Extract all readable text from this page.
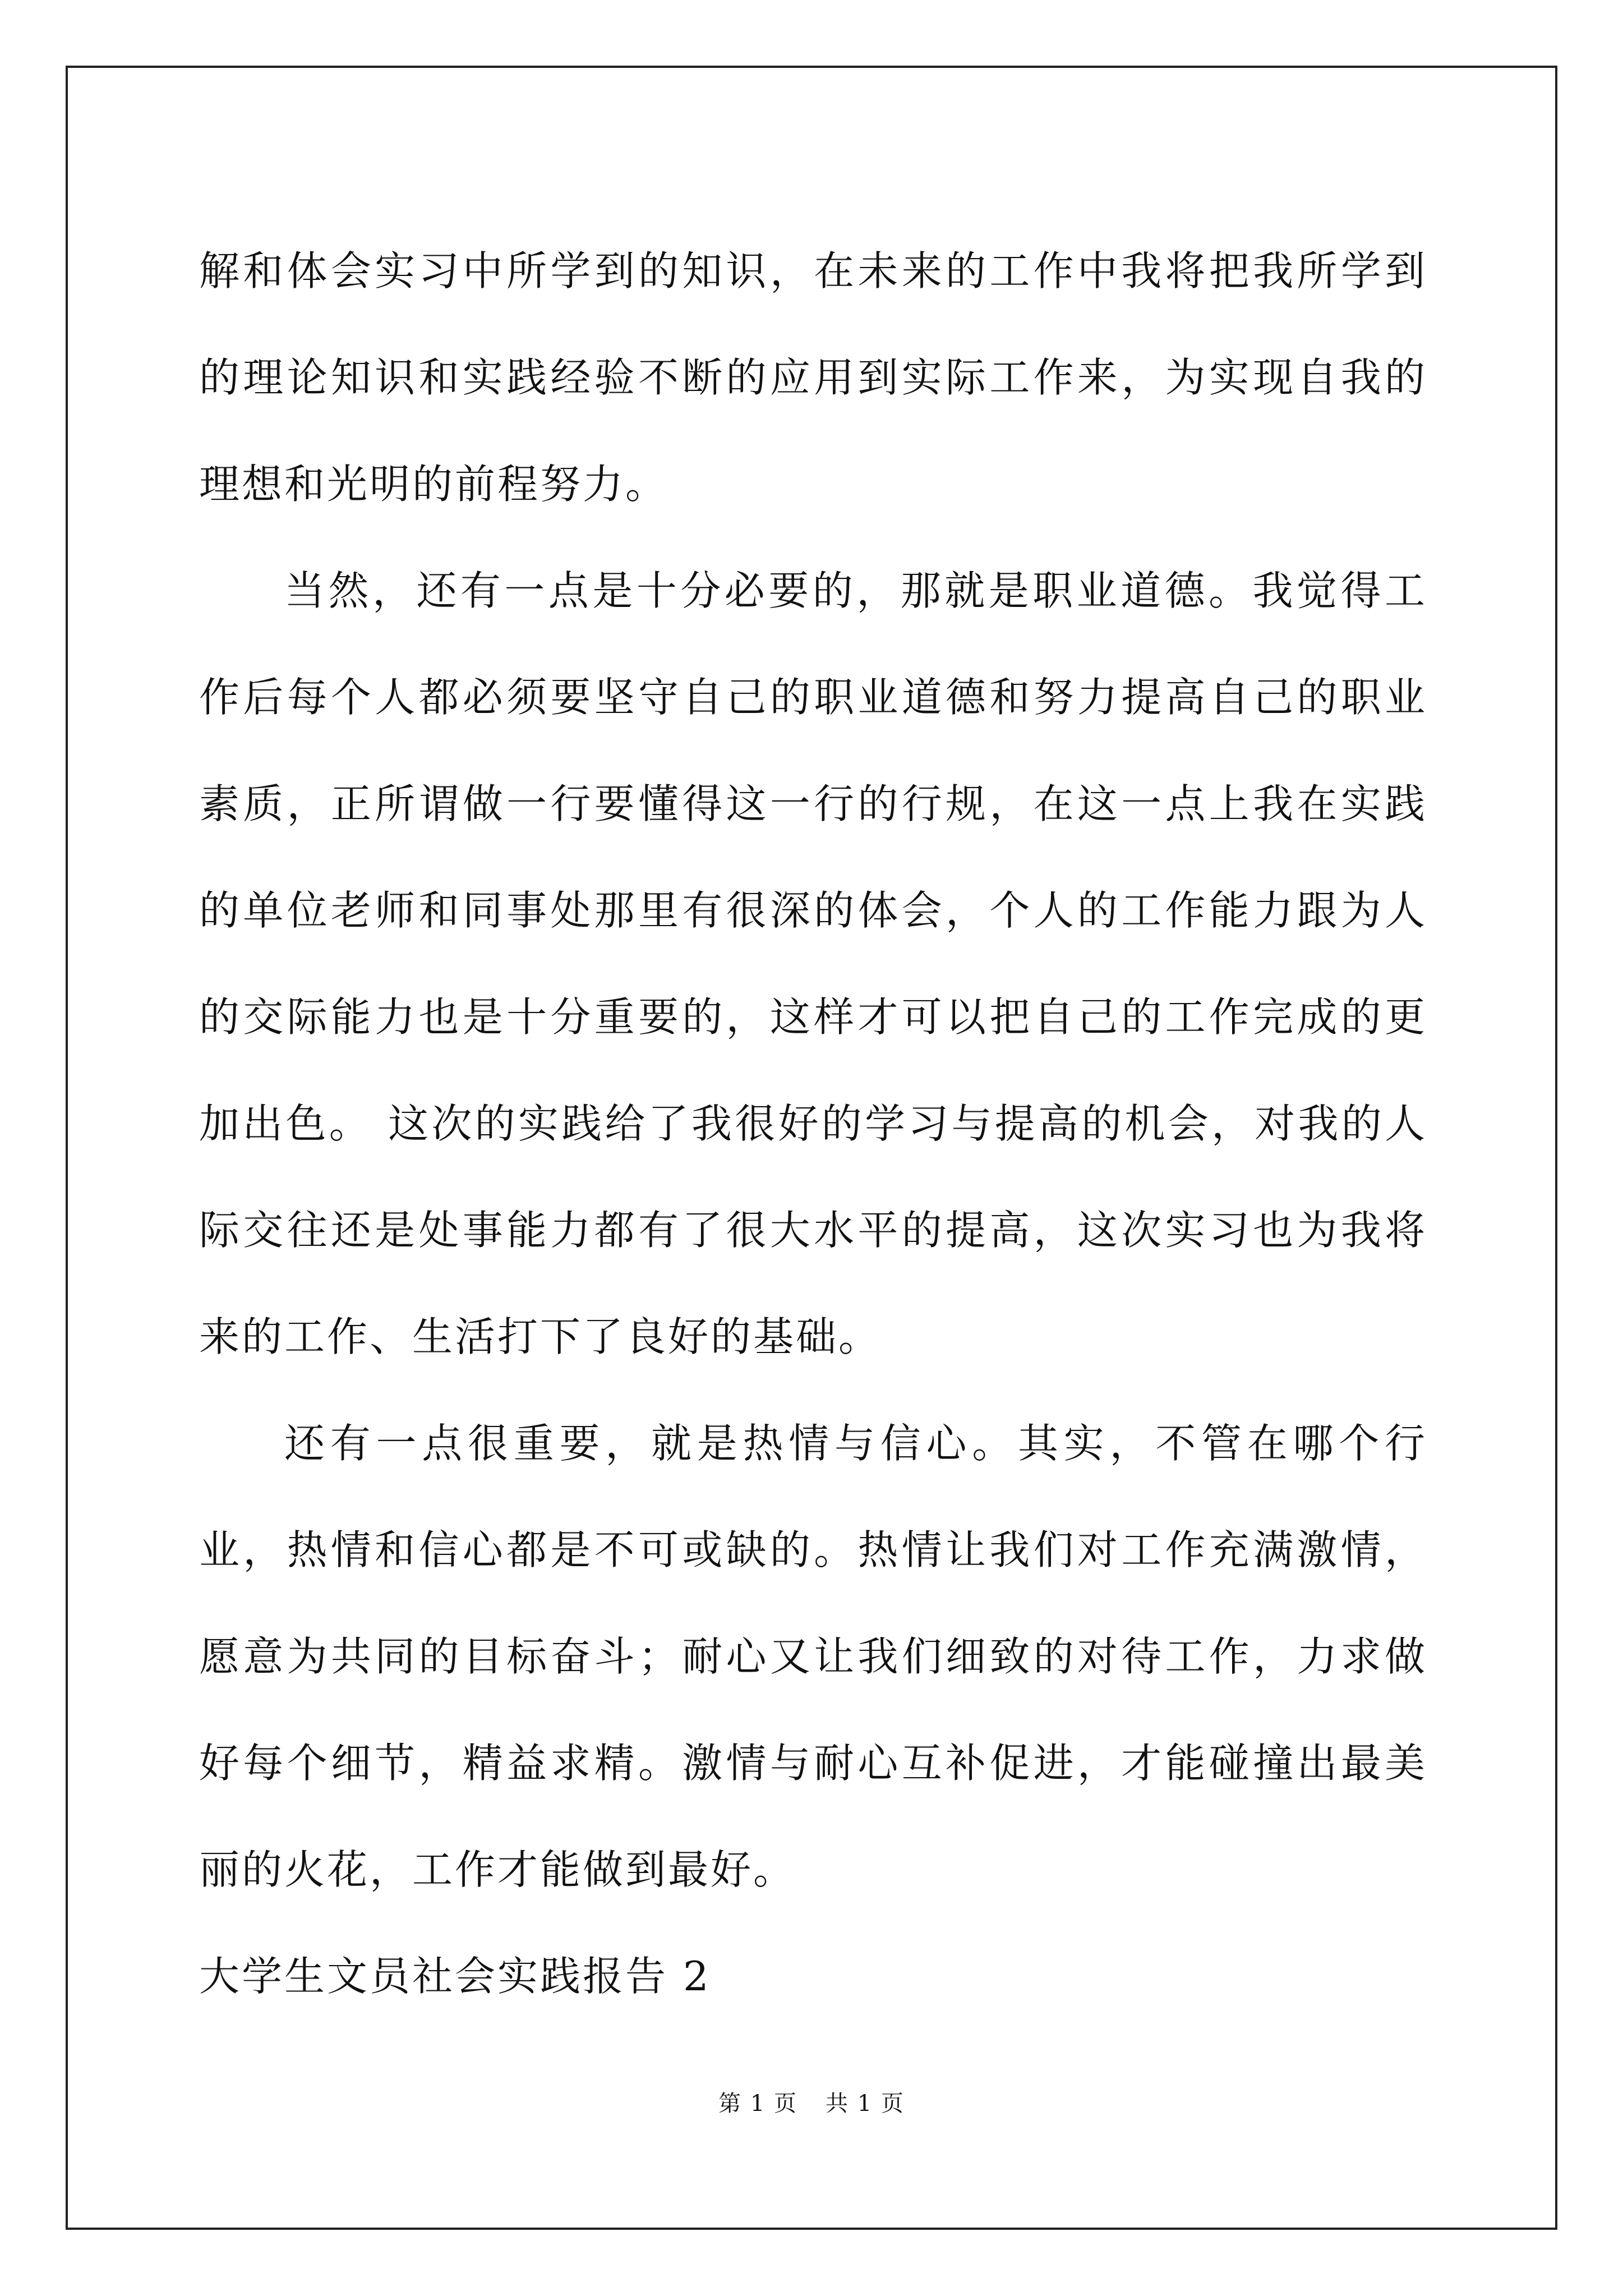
解和体会实习中所学到的知识，在未来的工作中我将把我所学到的理论知识和实践经验不断的应用到实际工作来，为实现自我的理想和光明的前程努力。

当然，还有一点是十分必要的，那就是职业道德。我觉得工作后每个人都必须要坚守自己的职业道德和努力提高自己的职业素质，正所谓做一行要懂得这一行的行规，在这一点上我在实践的单位老师和同事处那里有很深的体会，个人的工作能力跟为人的交际能力也是十分重要的，这样才可以把自己的工作完成的更加出色。 这次的实践给了我很好的学习与提高的机会，对我的人际交往还是处事能力都有了很大水平的提高，这次实习也为我将来的工作、生活打下了良好的基础。

还有一点很重要，就是热情与信心。其实，不管在哪个行业，热情和信心都是不可或缺的。热情让我们对工作充满激情，愿意为共同的目标奋斗；耐心又让我们细致的对待工作，力求做好每个细节，精益求精。激情与耐心互补促进，才能碰撞出最美丽的火花，工作才能做到最好。

大学生文员社会实践报告 2

第 1 页 共 1 页
